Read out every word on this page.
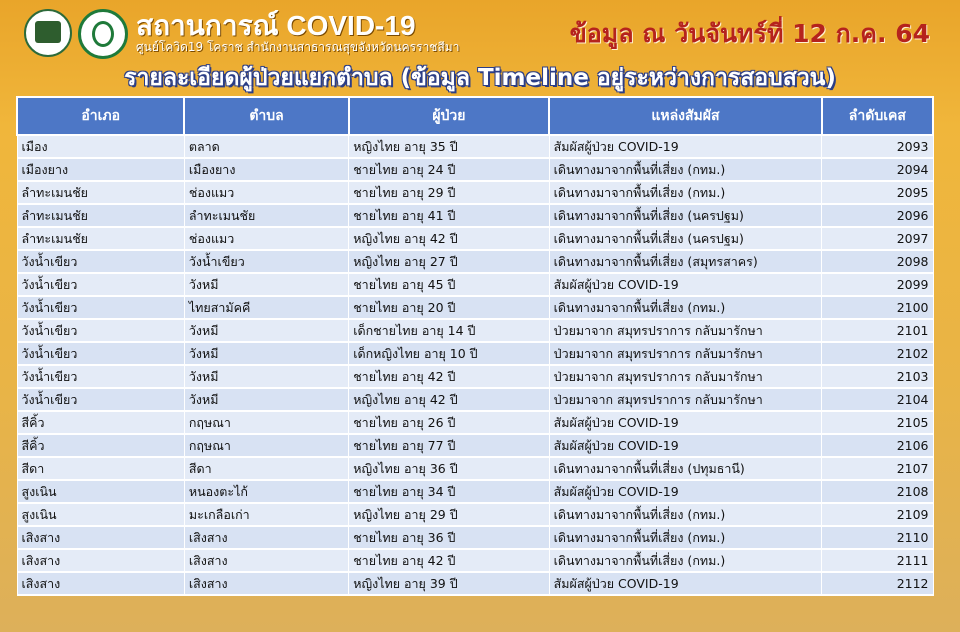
สถานการณ์ COVID-19
ศูนย์โควิด19 โคราช สำนักงานสาธารณสุขจังหวัดนครราชสีมา	ข้อมูล ณ วันจันทร์ที่ 12 ก.ค. 64
รายละเอียดผู้ป่วยแยกตำบล (ข้อมูล Timeline อยู่ระหว่างการสอบสวน)
อำเภอ	ตำบล	ผู้ป่วย	แหล่งสัมผัส	ลำดับเคส
เมือง	ตลาด	หญิงไทย อายุ 35 ปี	สัมผัสผู้ป่วย COVID-19	2093
เมืองยาง	เมืองยาง	ชายไทย อายุ 24 ปี	เดินทางมาจากพื้นที่เสี่ยง (กทม.)	2094
ลำทะเมนชัย	ช่องแมว	ชายไทย อายุ 29 ปี	เดินทางมาจากพื้นที่เสี่ยง (กทม.)	2095
ลำทะเมนชัย	ลำทะเมนชัย	ชายไทย อายุ 41 ปี	เดินทางมาจากพื้นที่เสี่ยง (นครปฐม)	2096
ลำทะเมนชัย	ช่องแมว	หญิงไทย อายุ 42 ปี	เดินทางมาจากพื้นที่เสี่ยง (นครปฐม)	2097
วังน้ำเขียว	วังน้ำเขียว	หญิงไทย อายุ 27 ปี	เดินทางมาจากพื้นที่เสี่ยง (สมุทรสาคร)	2098
วังน้ำเขียว	วังหมี	ชายไทย อายุ 45 ปี	สัมผัสผู้ป่วย COVID-19	2099
วังน้ำเขียว	ไทยสามัคคี	ชายไทย อายุ 20 ปี	เดินทางมาจากพื้นที่เสี่ยง (กทม.)	2100
วังน้ำเขียว	วังหมี	เด็กชายไทย อายุ 14 ปี	ป่วยมาจาก สมุทรปราการ กลับมารักษา	2101
วังน้ำเขียว	วังหมี	เด็กหญิงไทย อายุ 10 ปี	ป่วยมาจาก สมุทรปราการ กลับมารักษา	2102
วังน้ำเขียว	วังหมี	ชายไทย อายุ 42 ปี	ป่วยมาจาก สมุทรปราการ กลับมารักษา	2103
วังน้ำเขียว	วังหมี	หญิงไทย อายุ 42 ปี	ป่วยมาจาก สมุทรปราการ กลับมารักษา	2104
สีคิ้ว	กฤษณา	ชายไทย อายุ 26 ปี	สัมผัสผู้ป่วย COVID-19	2105
สีคิ้ว	กฤษณา	ชายไทย อายุ 77 ปี	สัมผัสผู้ป่วย COVID-19	2106
สีดา	สีดา	หญิงไทย อายุ 36 ปี	เดินทางมาจากพื้นที่เสี่ยง (ปทุมธานี)	2107
สูงเนิน	หนองตะไก้	ชายไทย อายุ 34 ปี	สัมผัสผู้ป่วย COVID-19	2108
สูงเนิน	มะเกลือเก่า	หญิงไทย อายุ 29 ปี	เดินทางมาจากพื้นที่เสี่ยง (กทม.)	2109
เสิงสาง	เสิงสาง	ชายไทย อายุ 36 ปี	เดินทางมาจากพื้นที่เสี่ยง (กทม.)	2110
เสิงสาง	เสิงสาง	ชายไทย อายุ 42 ปี	เดินทางมาจากพื้นที่เสี่ยง (กทม.)	2111
เสิงสาง	เสิงสาง	หญิงไทย อายุ 39 ปี	สัมผัสผู้ป่วย COVID-19	2112
